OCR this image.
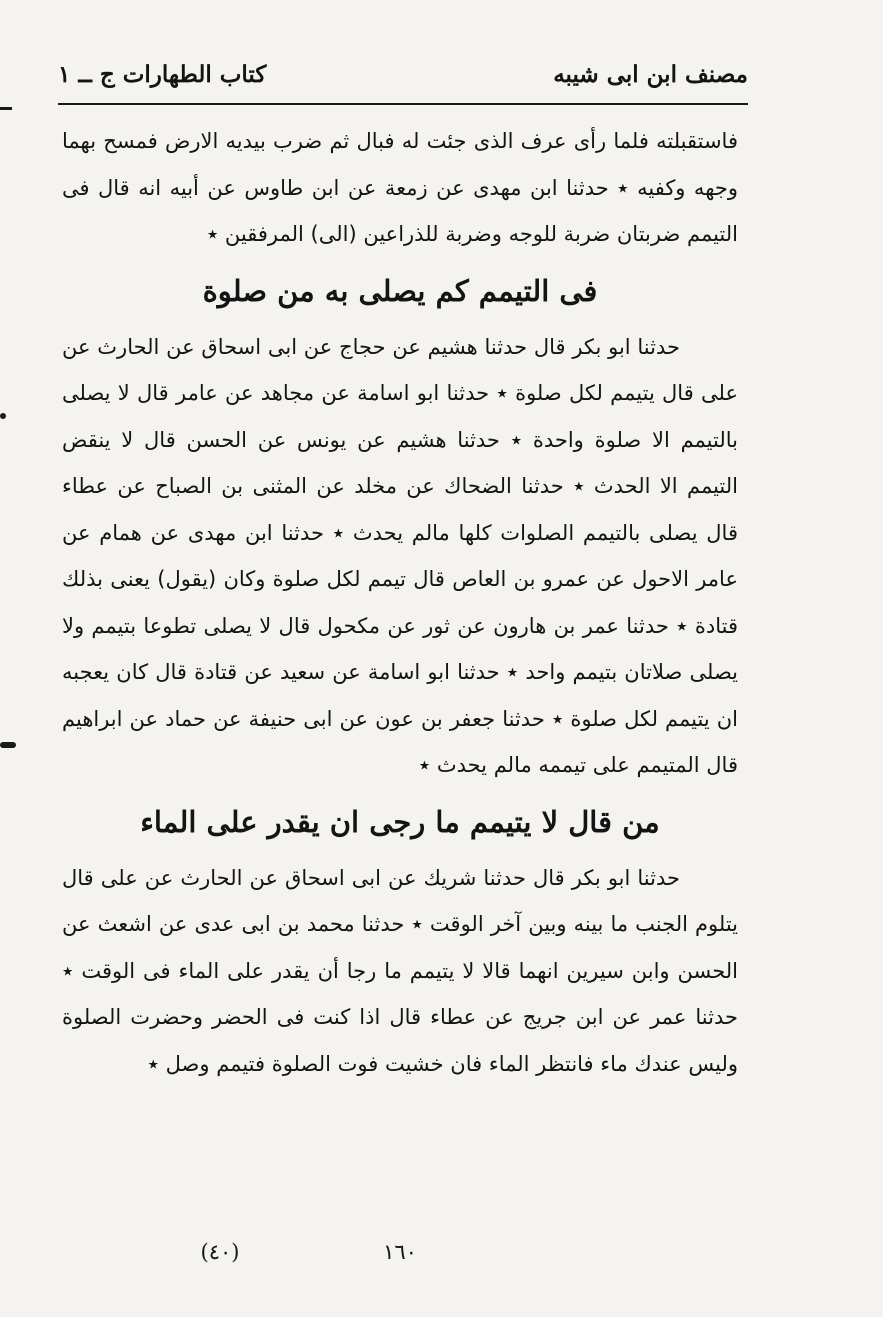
مصنف ابن ابى شيبه
كتاب الطهارات ج ــ ١

فاستقبلته فلما رأى عرف الذى جئت له فبال ثم ضرب بيديه الارض فمسح بهما وجهه وكفيه ٭ حدثنا ابن مهدى عن زمعة عن ابن طاوس عن أبيه انه قال فى التيمم ضربتان ضربة للوجه وضربة للذراعين (الى) المرفقين ٭

فى التيمم كم يصلى به من صلوة

حدثنا ابو بكر قال حدثنا هشيم عن حجاج عن ابى اسحاق عن الحارث عن على قال يتيمم لكل صلوة ٭ حدثنا ابو اسامة عن مجاهد عن عامر قال لا يصلى بالتيمم الا صلوة واحدة ٭ حدثنا هشيم عن يونس عن الحسن قال لا ينقض التيمم الا الحدث ٭ حدثنا الضحاك عن مخلد عن المثنى بن الصباح عن عطاء قال يصلى بالتيمم الصلوات كلها مالم يحدث ٭ حدثنا ابن مهدى عن همام عن عامر الاحول عن عمرو بن العاص قال تيمم لكل صلوة وكان (يقول) يعنى بذلك قتادة ٭ حدثنا عمر بن هارون عن ثور عن مكحول قال لا يصلى تطوعا بتيمم ولا يصلى صلاتان بتيمم واحد ٭ حدثنا ابو اسامة عن سعيد عن قتادة قال كان يعجبه ان يتيمم لكل صلوة ٭ حدثنا جعفر بن عون عن ابى حنيفة عن حماد عن ابراهيم قال المتيمم على تيممه مالم يحدث ٭

من قال لا يتيمم ما رجى ان يقدر على الماء

حدثنا ابو بكر قال حدثنا شريك عن ابى اسحاق عن الحارث عن على قال يتلوم الجنب ما بينه وبين آخر الوقت ٭ حدثنا محمد بن ابى عدى عن اشعث عن الحسن وابن سيرين انهما قالا لا يتيمم ما رجا أن يقدر على الماء فى الوقت ٭ حدثنا عمر عن ابن جريج عن عطاء قال اذا كنت فى الحضر وحضرت الصلوة وليس عندك ماء فانتظر الماء فان خشيت فوت الصلوة فتيمم وصل ٭

(٤٠)	١٦٠
